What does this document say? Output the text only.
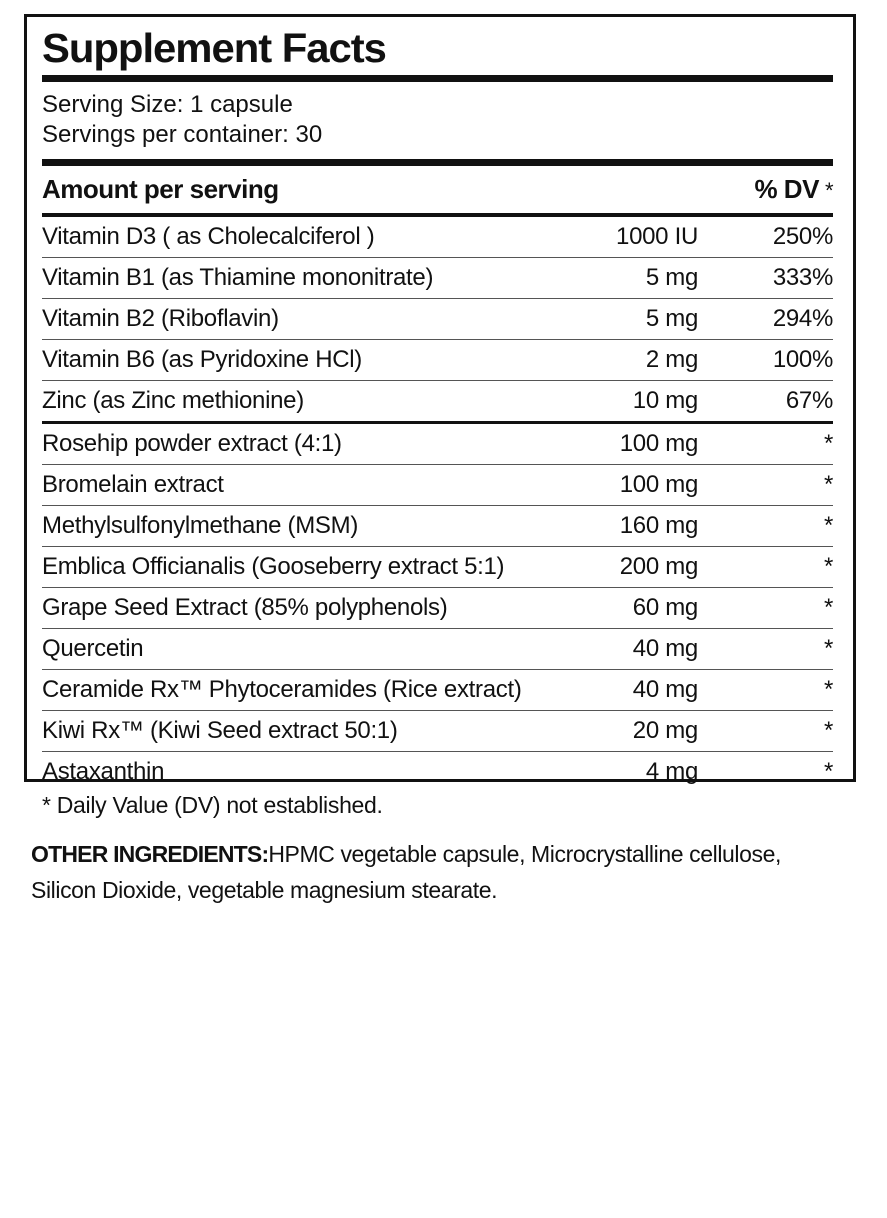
Supplement Facts
Serving Size: 1 capsule
Servings per container: 30
Amount per serving	% DV *
Vitamin D3 ( as Cholecalciferol )	1000 IU	250%
Vitamin B1 (as Thiamine mononitrate)	5 mg	333%
Vitamin B2 (Riboflavin)	5 mg	294%
Vitamin B6 (as Pyridoxine HCl)	2 mg	100%
Zinc (as Zinc methionine)	10 mg	67%
Rosehip powder extract (4:1)	100 mg	*
Bromelain extract	100 mg	*
Methylsulfonylmethane (MSM)	160 mg	*
Emblica Officianalis (Gooseberry extract 5:1)	200 mg	*
Grape Seed Extract (85% polyphenols)	60 mg	*
Quercetin	40 mg	*
Ceramide Rx™ Phytoceramides (Rice extract)	40 mg	*
Kiwi Rx™ (Kiwi Seed extract 50:1)	20 mg	*
Astaxanthin	4 mg	*
* Daily Value (DV) not established.
OTHER INGREDIENTS:HPMC vegetable capsule, Microcrystalline cellulose, Silicon Dioxide, vegetable magnesium stearate.
